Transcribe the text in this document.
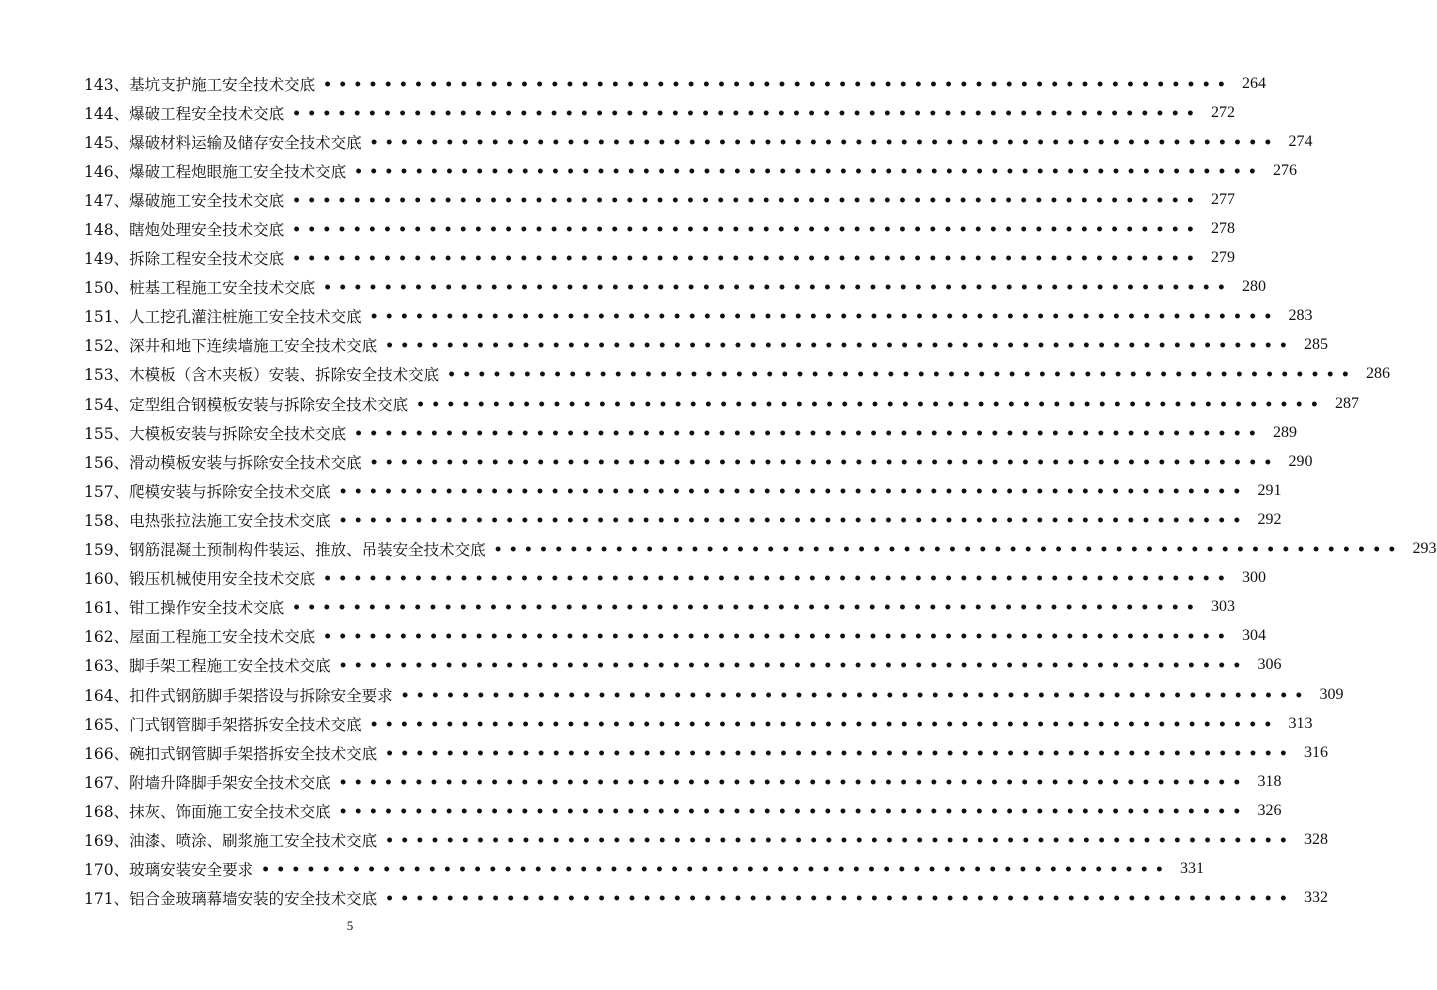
143、 基坑支护施工安全技术交底 •••••••••••••••••••••••••••••••••••••••••••••••••••••••••••• 264
144、 爆破工程安全技术交底 •••••••••••••••••••••••••••••••••••••••••••••••••••••••••••• 272
145、 爆破材料运输及储存安全技术交底 •••••••••••••••••••••••••••••••••••••••••••••••••••••••••••• 274
146、 爆破工程炮眼施工安全技术交底 •••••••••••••••••••••••••••••••••••••••••••••••••••••••••••• 276
147、 爆破施工安全技术交底 •••••••••••••••••••••••••••••••••••••••••••••••••••••••••••• 277
148、 瞎炮处理安全技术交底 •••••••••••••••••••••••••••••••••••••••••••••••••••••••••••• 278
149、 拆除工程安全技术交底 •••••••••••••••••••••••••••••••••••••••••••••••••••••••••••• 279
150、 桩基工程施工安全技术交底 •••••••••••••••••••••••••••••••••••••••••••••••••••••••••••• 280
151、 人工挖孔灌注桩施工安全技术交底 •••••••••••••••••••••••••••••••••••••••••••••••••••••••••••• 283
152、 深井和地下连续墙施工安全技术交底 •••••••••••••••••••••••••••••••••••••••••••••••••••••••••••• 285
153、 木模板（含木夹板）安装、拆除安全技术交底 •••••••••••••••••••••••••••••••••••••••••••••••••••••••••••• 286
154、 定型组合钢模板安装与拆除安全技术交底 •••••••••••••••••••••••••••••••••••••••••••••••••••••••••••• 287
155、 大模板安装与拆除安全技术交底 •••••••••••••••••••••••••••••••••••••••••••••••••••••••••••• 289
156、 滑动模板安装与拆除安全技术交底 •••••••••••••••••••••••••••••••••••••••••••••••••••••••••••• 290
157、 爬模安装与拆除安全技术交底 •••••••••••••••••••••••••••••••••••••••••••••••••••••••••••• 291
158、 电热张拉法施工安全技术交底 •••••••••••••••••••••••••••••••••••••••••••••••••••••••••••• 292
159、 钢筋混凝土预制构件装运、推放、吊装安全技术交底 •••••••••••••••••••••••••••••••••••••••••••••••••••••••••••• 293
160、 锻压机械使用安全技术交底 •••••••••••••••••••••••••••••••••••••••••••••••••••••••••••• 300
161、 钳工操作安全技术交底 •••••••••••••••••••••••••••••••••••••••••••••••••••••••••••• 303
162、 屋面工程施工安全技术交底 •••••••••••••••••••••••••••••••••••••••••••••••••••••••••••• 304
163、 脚手架工程施工安全技术交底 •••••••••••••••••••••••••••••••••••••••••••••••••••••••••••• 306
164、 扣件式钢筋脚手架搭设与拆除安全要求 •••••••••••••••••••••••••••••••••••••••••••••••••••••••••••• 309
165、 门式钢管脚手架搭拆安全技术交底 •••••••••••••••••••••••••••••••••••••••••••••••••••••••••••• 313
166、 碗扣式钢管脚手架搭拆安全技术交底 •••••••••••••••••••••••••••••••••••••••••••••••••••••••••••• 316
167、 附墙升降脚手架安全技术交底 •••••••••••••••••••••••••••••••••••••••••••••••••••••••••••• 318
168、 抹灰、饰面施工安全技术交底 •••••••••••••••••••••••••••••••••••••••••••••••••••••••••••• 326
169、 油漆、喷涂、刷浆施工安全技术交底 •••••••••••••••••••••••••••••••••••••••••••••••••••••••••••• 328
170、 玻璃安装安全要求 •••••••••••••••••••••••••••••••••••••••••••••••••••••••••••• 331
171、 铝合金玻璃幕墙安装的安全技术交底 •••••••••••••••••••••••••••••••••••••••••••••••••••••••••••• 332
5
